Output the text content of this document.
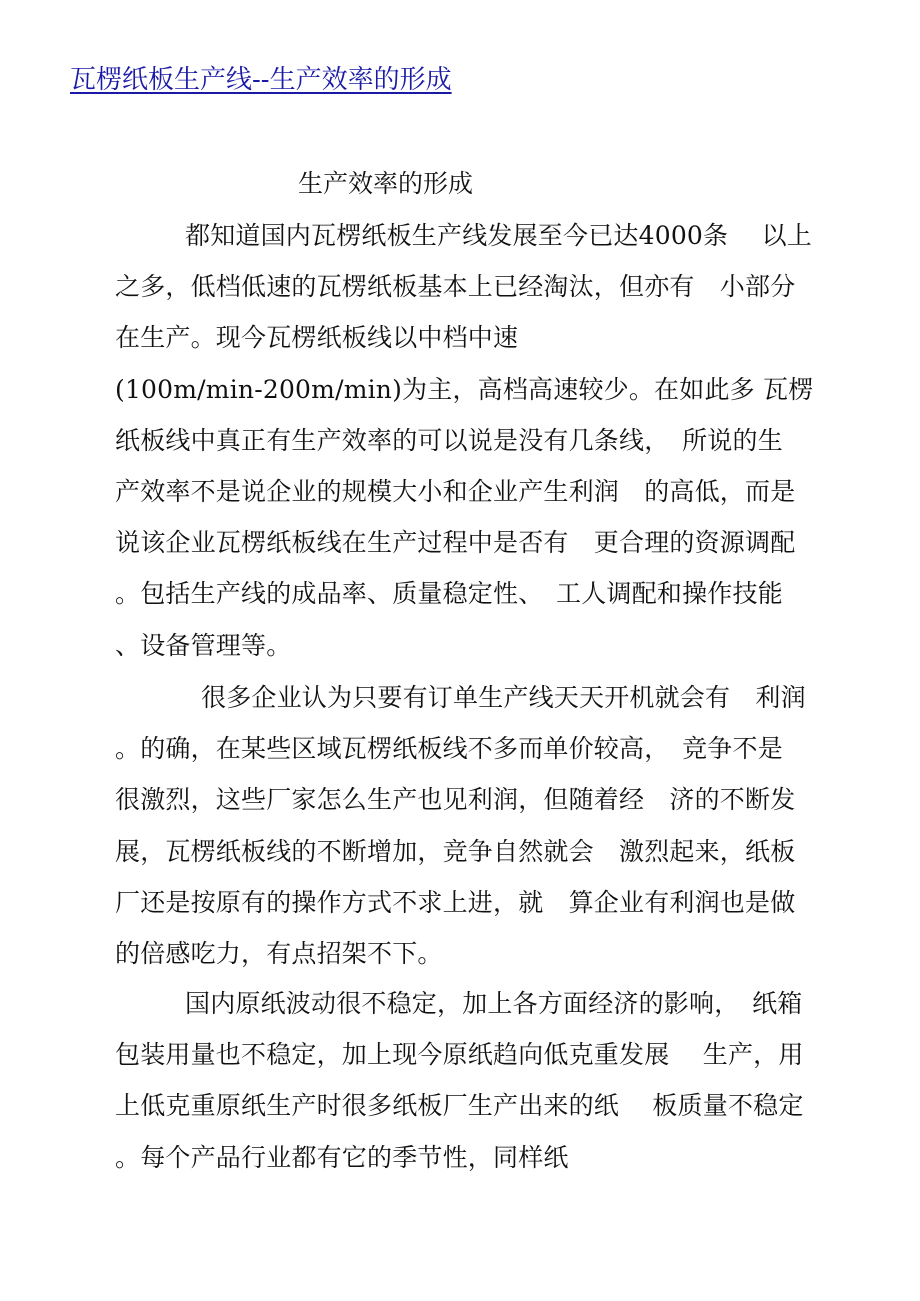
瓦楞纸板生产线--生产效率的形成
生产效率的形成

都知道国内瓦楞纸板生产线发展至今已达4000条　 以上
之多，低档低速的瓦楞纸板基本上已经淘汰，但亦有　小部分
在生产。现今瓦楞纸板线以中档中速
(100m/min-200m/min)为主，高档高速较少。在如此多 瓦楞
纸板线中真正有生产效率的可以说是没有几条线，　所说的生
产效率不是说企业的规模大小和企业产生利润　的高低，而是
说该企业瓦楞纸板线在生产过程中是否有　更合理的资源调配
。包括生产线的成品率、质量稳定性、　工人调配和操作技能
、设备管理等。

很多企业认为只要有订单生产线天天开机就会有　利润
。的确，在某些区域瓦楞纸板线不多而单价较高，　竞争不是
很激烈，这些厂家怎么生产也见利润，但随着经　济的不断发
展，瓦楞纸板线的不断增加，竞争自然就会　激烈起来，纸板
厂还是按原有的操作方式不求上进，就　算企业有利润也是做
的倍感吃力，有点招架不下。

国内原纸波动很不稳定，加上各方面经济的影响，　纸箱
包装用量也不稳定，加上现今原纸趋向低克重发展　 生产，用
上低克重原纸生产时很多纸板厂生产出来的纸　 板质量不稳定
。每个产品行业都有它的季节性，同样纸
